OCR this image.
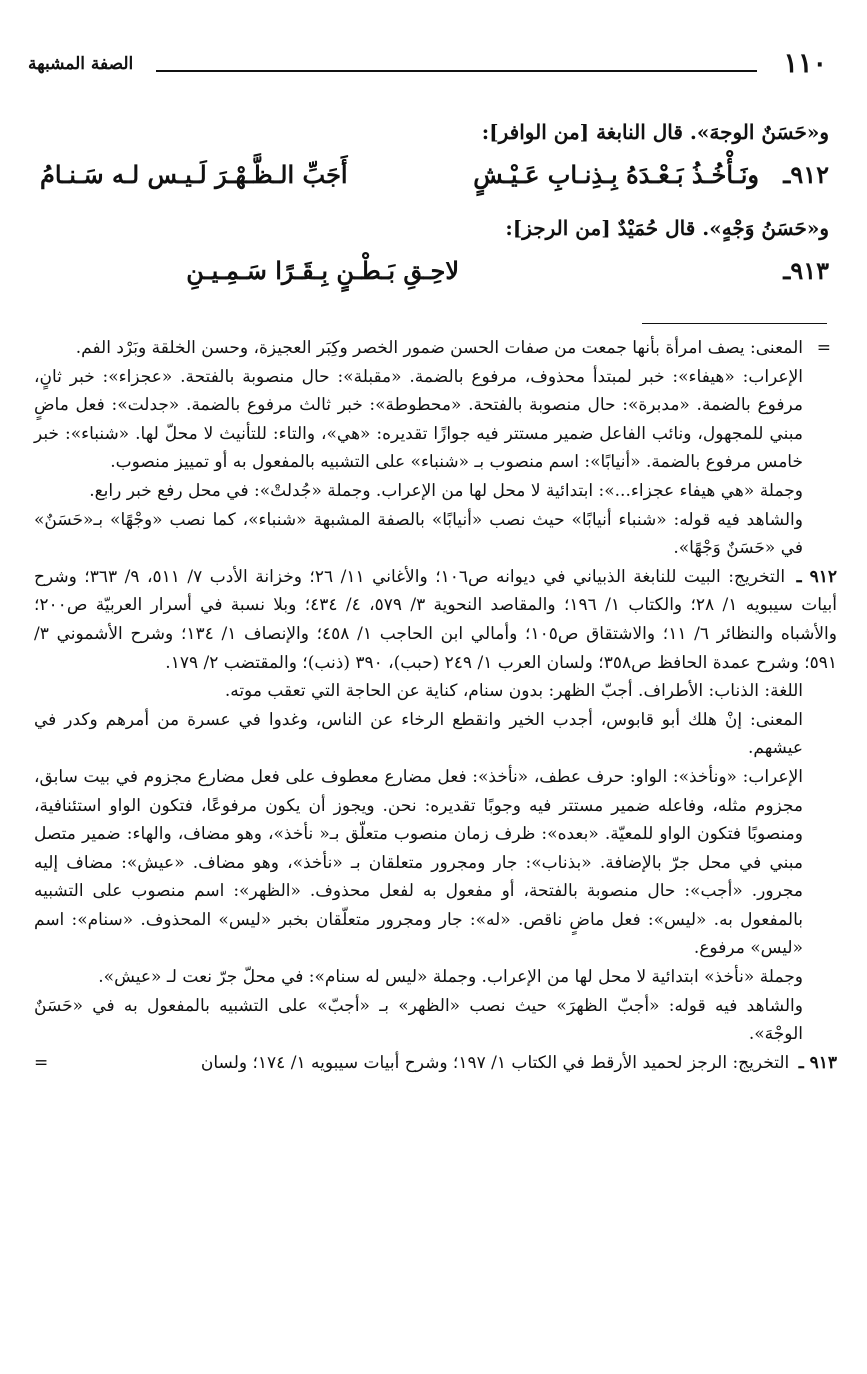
١١٠
الصفة المشبهة
و«حَسَنٌ الوجهَ». قال النابغة [من الوافر]:
٩١٢ـ
ونَـأْخُـذُ بَـعْـدَهُ بِـذِنـابِ عَـيْـشٍ
أَجَبِّ الـظَّـهْـرَ لَـيـس لـه سَـنـامُ
و«حَسَنُ وَجْهٍ». قال حُمَيْدٌ [من الرجز]:
٩١٣ـ
لاحِـقِ بَـطْـنٍ بِـقَـرًا سَـمِـيـنِ

=
المعنى: يصف امرأة بأنها جمعت من صفات الحسن ضمور الخصر وكِبَر العجيزة، وحسن الخلقة وبَرْد الفم.

الإعراب: «هيفاء»: خبر لمبتدأ محذوف، مرفوع بالضمة. «مقبلة»: حال منصوبة بالفتحة. «عجزاء»: خبر ثانٍ، مرفوع بالضمة. «مدبرة»: حال منصوبة بالفتحة. «محطوطة»: خبر ثالث مرفوع بالضمة. «جدلت»: فعل ماضٍ مبني للمجهول، ونائب الفاعل ضمير مستتر فيه جوازًا تقديره: «هي»، والتاء: للتأنيث لا محلّ لها. «شنباء»: خبر خامس مرفوع بالضمة. «أنيابًا»: اسم منصوب بـ «شنباء» على التشبيه بالمفعول به أو تمييز منصوب.

وجملة «هي هيفاء عجزاء...»: ابتدائية لا محل لها من الإعراب. وجملة «جُدلتْ»: في محل رفع خبر رابع.

والشاهد فيه قوله: «شنباء أنيابًا» حيث نصب «أنيابًا» بالصفة المشبهة «شنباء»، كما نصب «وجْهًا» بـ«حَسَنٌ» في «حَسَنٌ وَجْهًا».

٩١٢ ـ التخريج: البيت للنابغة الذبياني في ديوانه ص١٠٦؛ والأغاني ١١/ ٢٦؛ وخزانة الأدب ٧/ ٥١١، ٩/ ٣٦٣؛ وشرح أبيات سيبويه ١/ ٢٨؛ والكتاب ١/ ١٩٦؛ والمقاصد النحوية ٣/ ٥٧٩، ٤/ ٤٣٤؛ وبلا نسبة في أسرار العربيّة ص٢٠٠؛ والأشباه والنظائر ٦/ ١١؛ والاشتقاق ص١٠٥؛ وأمالي ابن الحاجب ١/ ٤٥٨؛ والإنصاف ١/ ١٣٤؛ وشرح الأشموني ٣/ ٥٩١؛ وشرح عمدة الحافظ ص٣٥٨؛ ولسان العرب ١/ ٢٤٩ (حبب)، ٣٩٠ (ذنب)؛ والمقتضب ٢/ ١٧٩.

اللغة: الذناب: الأطراف. أجبّ الظهر: بدون سنام، كناية عن الحاجة التي تعقب موته.

المعنى: إنْ هلك أبو قابوس، أجدب الخير وانقطع الرخاء عن الناس، وغدوا في عسرة من أمرهم وكدر في عيشهم.

الإعراب: «ونأخذ»: الواو: حرف عطف، «نأخذ»: فعل مضارع معطوف على فعل مضارع مجزوم في بيت سابق، مجزوم مثله، وفاعله ضمير مستتر فيه وجوبًا تقديره: نحن. ويجوز أن يكون مرفوعًا، فتكون الواو استئنافية، ومنصوبًا فتكون الواو للمعيّة. «بعده»: ظرف زمان منصوب متعلّق بـ« نأخذ»، وهو مضاف، والهاء: ضمير متصل مبني في محل جرّ بالإضافة. «بذناب»: جار ومجرور متعلقان بـ «نأخذ»، وهو مضاف. «عيش»: مضاف إليه مجرور. «أجب»: حال منصوبة بالفتحة، أو مفعول به لفعل محذوف. «الظهر»: اسم منصوب على التشبيه بالمفعول به. «ليس»: فعل ماضٍ ناقص. «له»: جار ومجرور متعلّقان بخبر «ليس» المحذوف. «سنام»: اسم «ليس» مرفوع.

وجملة «نأخذ» ابتدائية لا محل لها من الإعراب. وجملة «ليس له سنام»: في محلّ جرّ نعت لـ «عيش».

والشاهد فيه قوله: «أجبّ الظهرَ» حيث نصب «الظهر» بـ «أجبّ» على التشبيه بالمفعول به في «حَسَنٌ الوجْهَ».

٩١٣ ـ التخريج: الرجز لحميد الأرقط في الكتاب ١/ ١٩٧؛ وشرح أبيات سيبويه ١/ ١٧٤؛ ولسان
=
